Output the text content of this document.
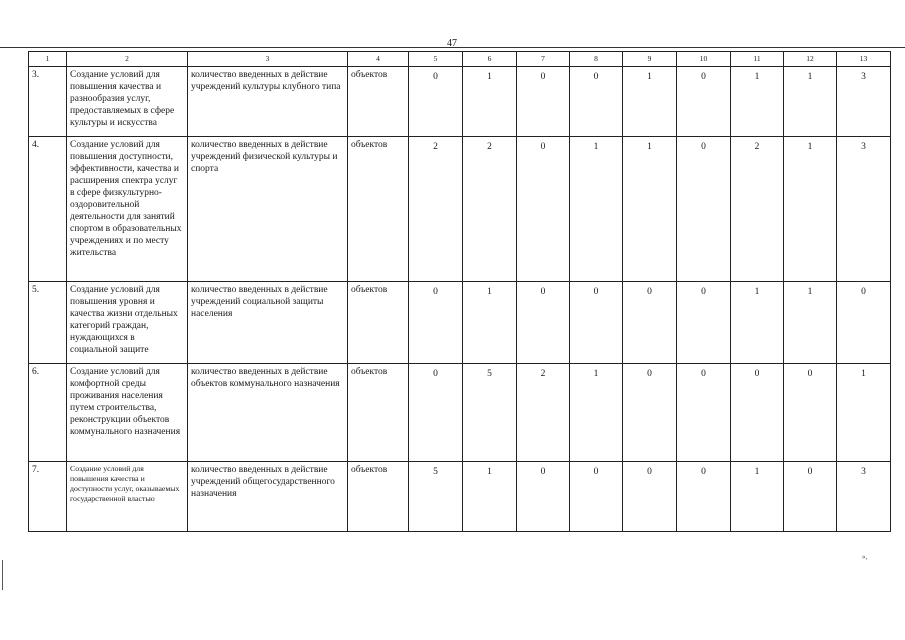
47
1	2	3	4	5	6	7	8	9	10	11	12	13
3.	Создание условий для повышения качества и разнообразия услуг, предоставляемых в сфере культуры и искусства	количество введенных в действие учреждений культуры клубного типа	объектов	0	1	0	0	1	0	1	1	3
4.	Создание условий для повышения доступности, эффективности, качества и расширения спектра услуг в сфере физкультурно-оздоровительной деятельности для занятий спортом в образовательных учреждениях и по месту жительства	количество введенных в действие учреждений физической культуры и спорта	объектов	2	2	0	1	1	0	2	1	3
5.	Создание условий для повышения уровня и качества жизни отдельных категорий граждан, нуждающихся в социальной защите	количество введенных в действие учреждений социальной защиты населения	объектов	0	1	0	0	0	0	1	1	0
6.	Создание условий для комфортной среды проживания населения путем строительства, реконструкции объектов коммунального назначения	количество введенных в действие объектов коммунального назначения	объектов	0	5	2	1	0	0	0	0	1
7.	Создание условий для повышения качества и доступности услуг, оказываемых государственной властью	количество введенных в действие учреждений общегосударственного назначения	объектов	5	1	0	0	0	0	1	0	3
»,
